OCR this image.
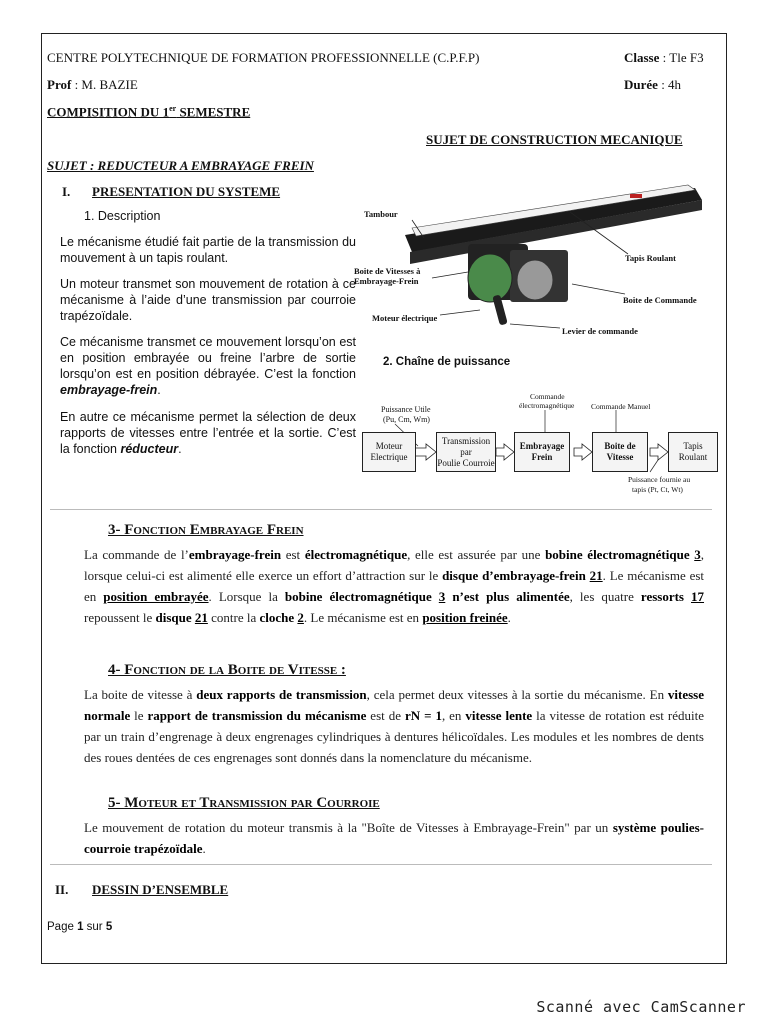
CENTRE POLYTECHNIQUE DE FORMATION PROFESSIONNELLE (C.P.F.P)	Classe : Tle F3
Prof : M. BAZIE	Durée : 4h
COMPISITION DU 1er SEMESTRE
SUJET DE CONSTRUCTION MECANIQUE
SUJET : REDUCTEUR A EMBRAYAGE FREIN
I. PRESENTATION DU SYSTEME
1. Description

Le mécanisme étudié fait partie de la transmission du mouvement à un tapis roulant.

Un moteur transmet son mouvement de rotation à ce mécanisme à l’aide d’une transmission par courroie trapézoïdale.

Ce mécanisme transmet ce mouvement lorsqu’on est en position embrayée ou freine l’arbre de sortie lorsqu’on est en position débrayée. C’est la fonction embrayage-frein.

En autre ce mécanisme permet la sélection de deux rapports de vitesses entre l’entrée et la sortie. C’est la fonction réducteur.

Tambour
Tapis Roulant
Boite de Vitesses à
Embrayage-Frein
Boite de Commande
Moteur électrique
Levier de commande
2. Chaîne de puissance
Puissance Utile
(Pu, Cm, Wm)
Commande
électromagnétique Commande Manuel
Moteur
Electrique
Transmission par
Poulie Courroie
Embrayage
Frein
Boite de
Vitesse
Tapis
Roulant
Puissance fournie au
tapis (Pt, Ct, Wt)
3- Fonction Embrayage Frein

La commande de l’embrayage-frein est électromagnétique, elle est assurée par une bobine électromagnétique 3, lorsque celui-ci est alimenté elle exerce un effort d’attraction sur le disque d’embrayage-frein 21. Le mécanisme est en position embrayée. Lorsque la bobine électromagnétique 3 n’est plus alimentée, les quatre ressorts 17 repoussent le disque 21 contre la cloche 2. Le mécanisme est en position freinée.

4- Fonction de la Boite de Vitesse :

La boite de vitesse à deux rapports de transmission, cela permet deux vitesses à la sortie du mécanisme. En vitesse normale le rapport de transmission du mécanisme est de rN = 1, en vitesse lente la vitesse de rotation est réduite par un train d’engrenage à deux engrenages cylindriques à dentures hélicoïdales. Les modules et les nombres de dents des roues dentées de ces engrenages sont donnés dans la nomenclature du mécanisme.

5- Moteur et Transmission par Courroie

Le mouvement de rotation du moteur transmis à la "Boîte de Vitesses à Embrayage-Frein" par un système poulies-courroie trapézoïdale.

II. DESSIN D’ENSEMBLE
Page 1 sur 5
Scanné avec CamScanner
